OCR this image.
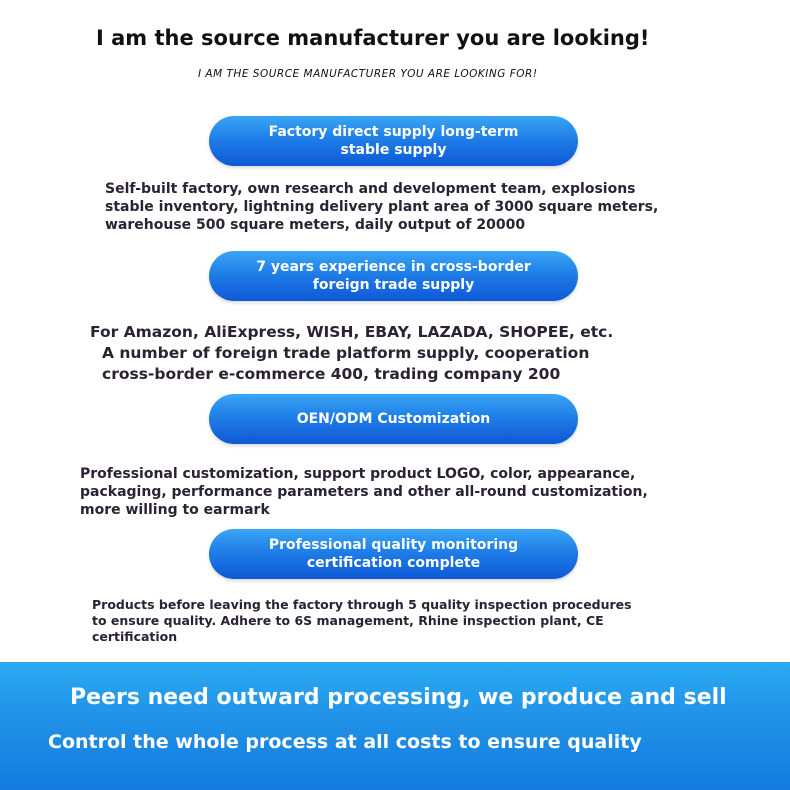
I am the source manufacturer you are looking!
I AM THE SOURCE MANUFACTURER YOU ARE LOOKING FOR!
Factory direct supply long-term stable supply
Self-built factory, own research and development team, explosions
stable inventory, lightning delivery plant area of 3000 square meters,
warehouse 500 square meters, daily output of 20000
7 years experience in cross-border foreign trade supply
For Amazon, AliExpress, WISH, EBAY, LAZADA, SHOPEE, etc.
A number of foreign trade platform supply, cooperation
cross-border e-commerce 400, trading company 200
OEN/ODM Customization
Professional customization, support product LOGO, color, appearance,
packaging, performance parameters and other all-round customization,
more willing to earmark
Professional quality monitoring certification complete
Products before leaving the factory through 5 quality inspection procedures
to ensure quality. Adhere to 6S management, Rhine inspection plant, CE
certification
Peers need outward processing, we produce and sell
Control the whole process at all costs to ensure quality
